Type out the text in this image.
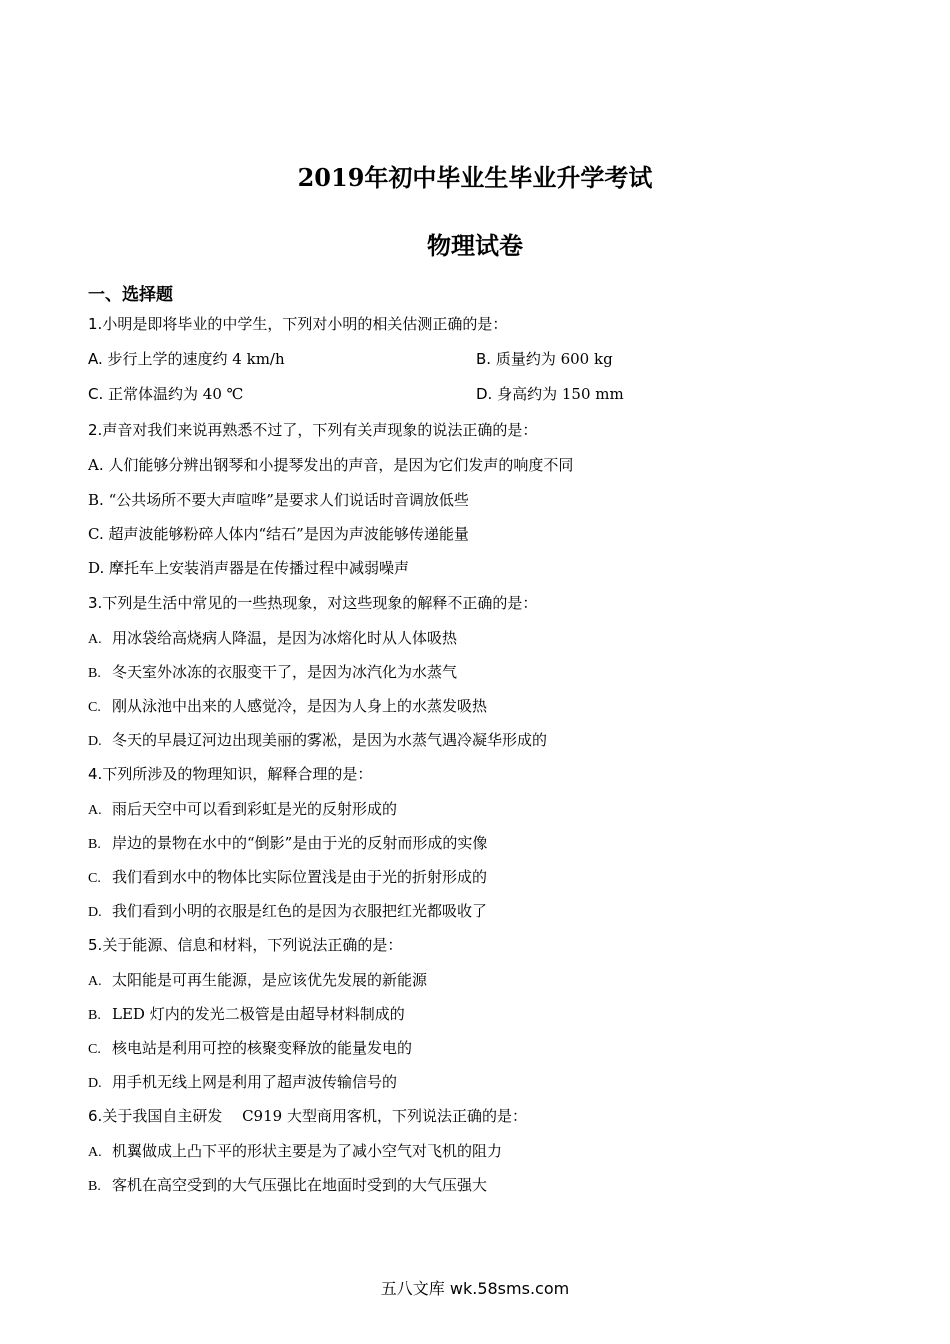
2019年初中毕业生毕业升学考试
物理试卷
一、选择题
1.小明是即将毕业的中学生，下列对小明的相关估测正确的是：
A. 步行上学的速度约 4 km/h	B. 质量约为 600 kg
C. 正常体温约为 40 ℃	D. 身高约为 150 mm
2.声音对我们来说再熟悉不过了，下列有关声现象的说法正确的是：
A. 人们能够分辨出钢琴和小提琴发出的声音，是因为它们发声的响度不同
B. “公共场所不要大声喧哗”是要求人们说话时音调放低些
C. 超声波能够粉碎人体内“结石”是因为声波能够传递能量
D. 摩托车上安装消声器是在传播过程中减弱噪声
3.下列是生活中常见的一些热现象，对这些现象的解释不正确的是：
A. 用冰袋给高烧病人降温，是因为冰熔化时从人体吸热
B. 冬天室外冰冻的衣服变干了，是因为冰汽化为水蒸气
C. 刚从泳池中出来的人感觉冷，是因为人身上的水蒸发吸热
D. 冬天的早晨辽河边出现美丽的雾凇，是因为水蒸气遇冷凝华形成的
4.下列所涉及的物理知识，解释合理的是：
A. 雨后天空中可以看到彩虹是光的反射形成的
B. 岸边的景物在水中的“倒影”是由于光的反射而形成的实像
C. 我们看到水中的物体比实际位置浅是由于光的折射形成的
D. 我们看到小明的衣服是红色的是因为衣服把红光都吸收了
5.关于能源、信息和材料，下列说法正确的是：
A. 太阳能是可再生能源，是应该优先发展的新能源
B. LED 灯内的发光二极管是由超导材料制成的
C. 核电站是利用可控的核聚变释放的能量发电的
D. 用手机无线上网是利用了超声波传输信号的
6.关于我国自主研发　 C919 大型商用客机，下列说法正确的是：
A. 机翼做成上凸下平的形状主要是为了减小空气对飞机的阻力
B. 客机在高空受到的大气压强比在地面时受到的大气压强大
五八文库 wk.58sms.com
